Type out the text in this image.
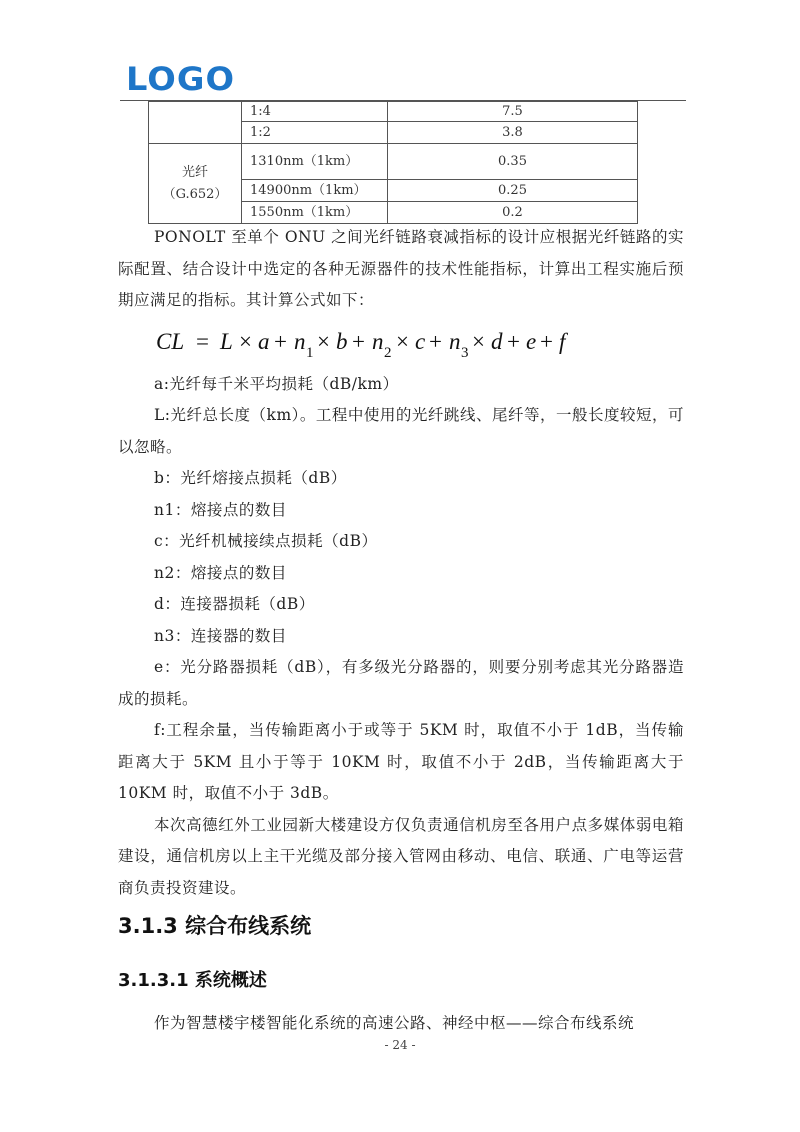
LOGO
	1:4	7.5
	1:2	3.8

光纤
（G.652）	1310nm（1km）	0.35
	14900nm（1km）	0.25
	1550nm（1km）	0.2

PONOLT 至单个 ONU 之间光纤链路衰减指标的设计应根据光纤链路的实际配置、结合设计中选定的各种无源器件的技术性能指标，计算出工程实施后预期应满足的指标。其计算公式如下：

CL = L × a + n 1 × b + n 2 × c + n 3 × d + e + f

a:光纤每千米平均损耗（dB/km）

L:光纤总长度（km）。工程中使用的光纤跳线、尾纤等，一般长度较短，可以忽略。

b：光纤熔接点损耗（dB）

n1：熔接点的数目

c：光纤机械接续点损耗（dB）

n2：熔接点的数目

d：连接器损耗（dB）

n3：连接器的数目

e：光分路器损耗（dB），有多级光分路器的，则要分别考虑其光分路器造成的损耗。

f:工程余量，当传输距离小于或等于 5KM 时，取值不小于 1dB，当传输距离大于 5KM 且小于等于 10KM 时，取值不小于 2dB，当传输距离大于 10KM 时，取值不小于 3dB。

本次高德红外工业园新大楼建设方仅负责通信机房至各用户点多媒体弱电箱建设，通信机房以上主干光缆及部分接入管网由移动、电信、联通、广电等运营商负责投资建设。

3.1.3 综合布线系统
3.1.3.1 系统概述

作为智慧楼宇楼智能化系统的高速公路、神经中枢——综合布线系统

- 24 -
